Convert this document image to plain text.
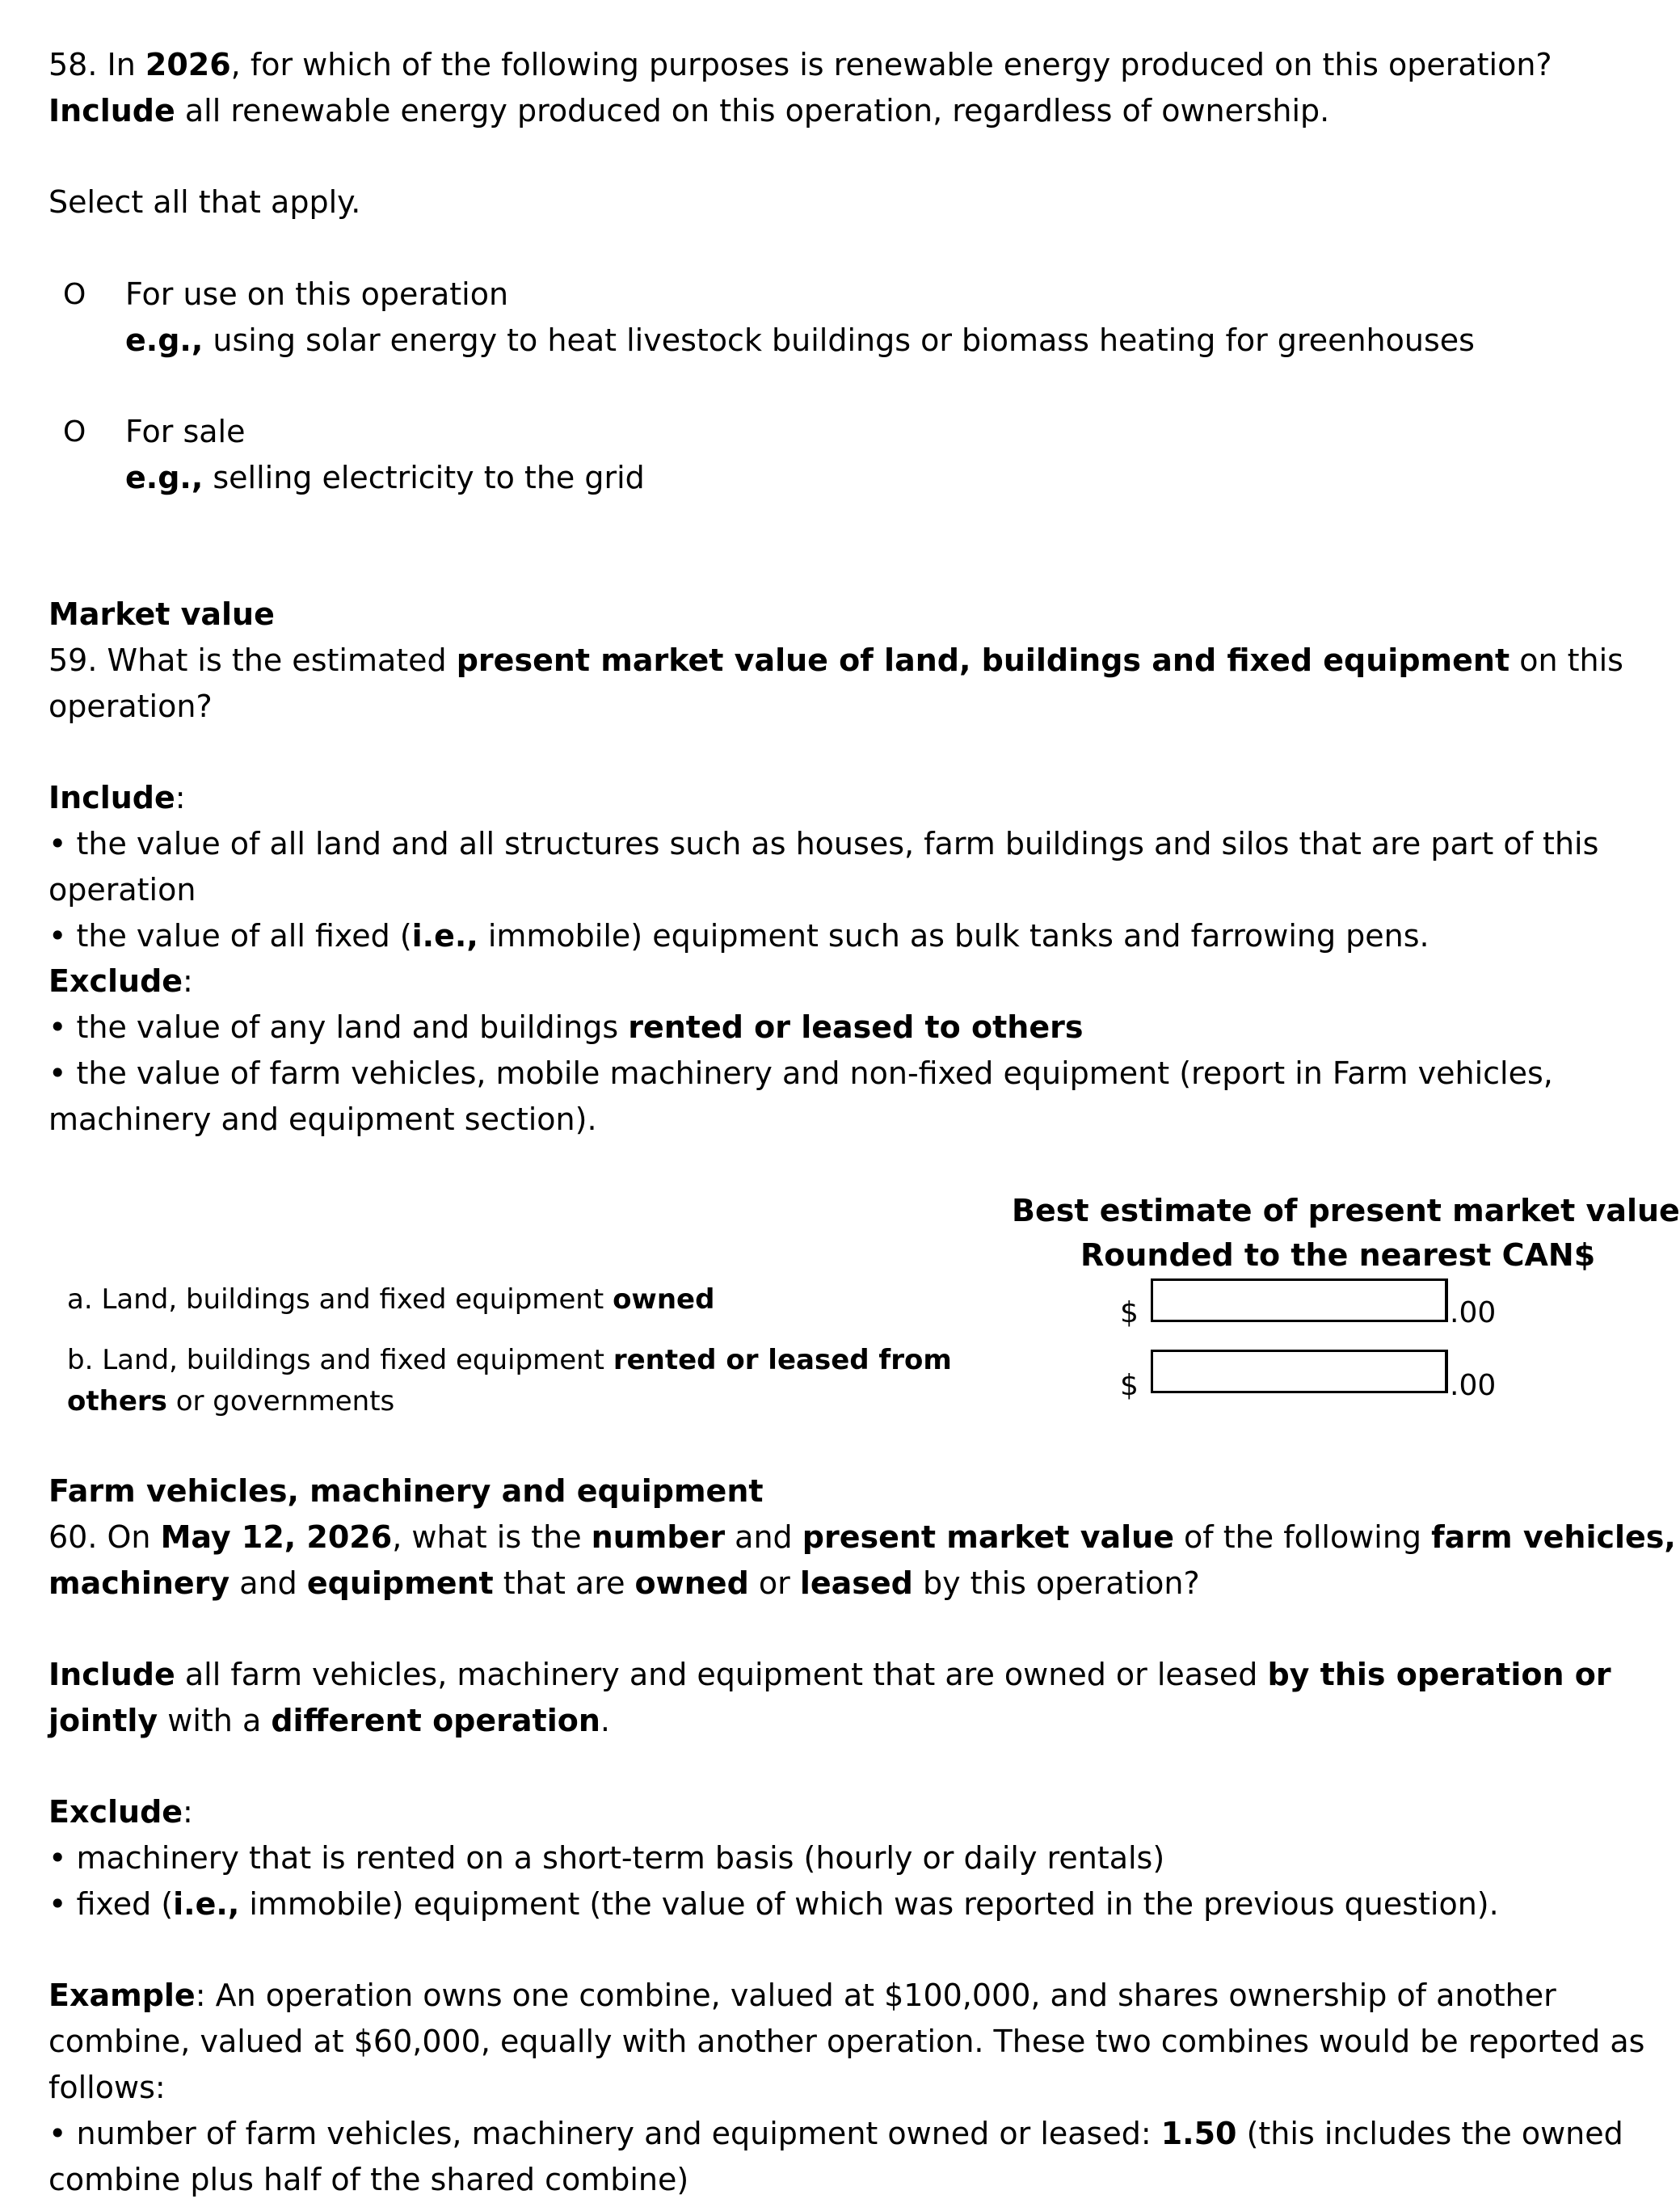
58. In 2026, for which of the following purposes is renewable energy produced on this operation?
Include all renewable energy produced on this operation, regardless of ownership.
Select all that apply.
O For use on this operation
e.g., using solar energy to heat livestock buildings or biomass heating for greenhouses
O For sale
e.g., selling electricity to the grid
Market value
59. What is the estimated present market value of land, buildings and fixed equipment on this
operation?
Include:
• the value of all land and all structures such as houses, farm buildings and silos that are part of this
operation
• the value of all fixed (i.e., immobile) equipment such as bulk tanks and farrowing pens.
Exclude:
• the value of any land and buildings rented or leased to others
• the value of farm vehicles, mobile machinery and non-fixed equipment (report in Farm vehicles,
machinery and equipment section).
Best estimate of present market value
Rounded to the nearest CAN$
a. Land, buildings and fixed equipment owned	$	.00
b. Land, buildings and fixed equipment rented or leased from
others or governments	$	.00
Farm vehicles, machinery and equipment
60. On May 12, 2026, what is the number and present market value of the following farm vehicles,
machinery and equipment that are owned or leased by this operation?
Include all farm vehicles, machinery and equipment that are owned or leased by this operation or
jointly with a different operation.
Exclude:
• machinery that is rented on a short-term basis (hourly or daily rentals)
• fixed (i.e., immobile) equipment (the value of which was reported in the previous question).
Example: An operation owns one combine, valued at $100,000, and shares ownership of another
combine, valued at $60,000, equally with another operation. These two combines would be reported as
follows:
• number of farm vehicles, machinery and equipment owned or leased: 1.50 (this includes the owned
combine plus half of the shared combine)
